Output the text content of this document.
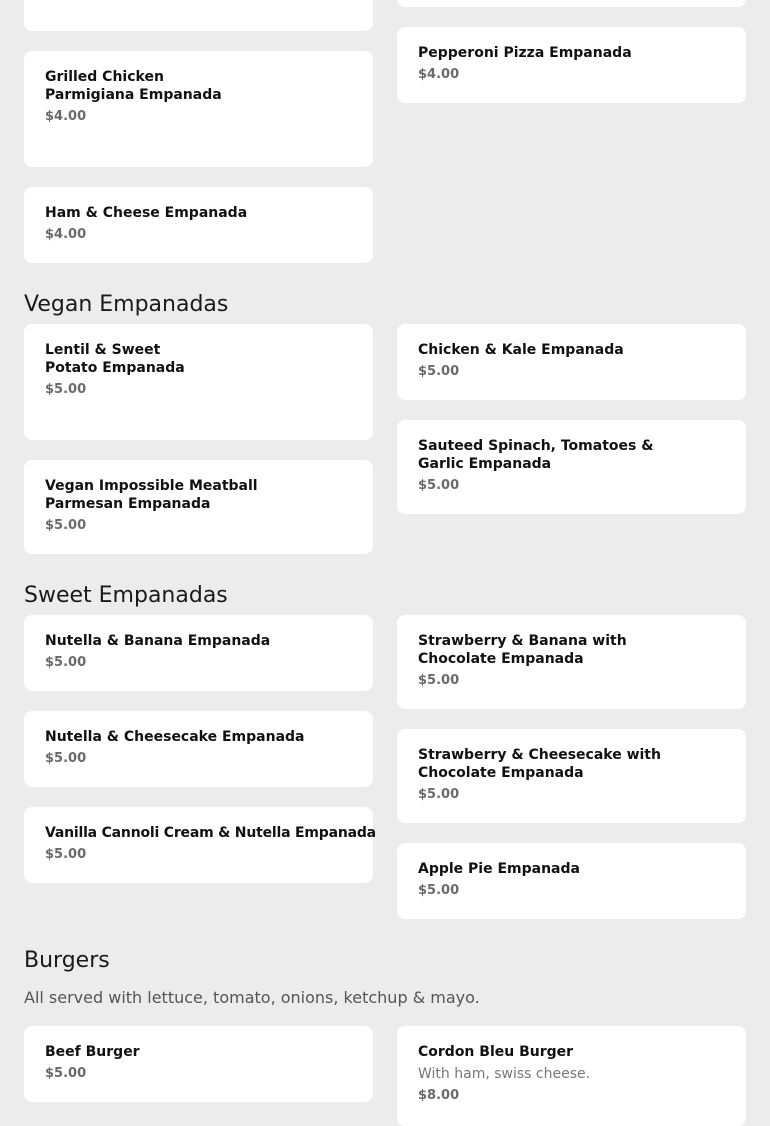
Grilled Chicken Parmigiana Empanada
$4.00
Pepperoni Pizza Empanada
$4.00
Ham & Cheese Empanada
$4.00
Vegan Empanadas
Lentil & Sweet Potato Empanada
$5.00
Chicken & Kale Empanada
$5.00
Vegan Impossible Meatball Parmesan Empanada
$5.00
Sauteed Spinach, Tomatoes & Garlic Empanada
$5.00
Sweet Empanadas
Nutella & Banana Empanada
$5.00
Strawberry & Banana with Chocolate Empanada
$5.00
Nutella & Cheesecake Empanada
$5.00	Strawberry & Cheesecake with Chocolate Empanada
$5.00
Vanilla Cannoli Cream & Nutella Empanada
$5.00
Apple Pie Empanada
$5.00
Burgers
All served with lettuce, tomato, onions, ketchup & mayo.
Beef Burger
$5.00
Cordon Bleu Burger
With ham, swiss cheese.
$8.00
